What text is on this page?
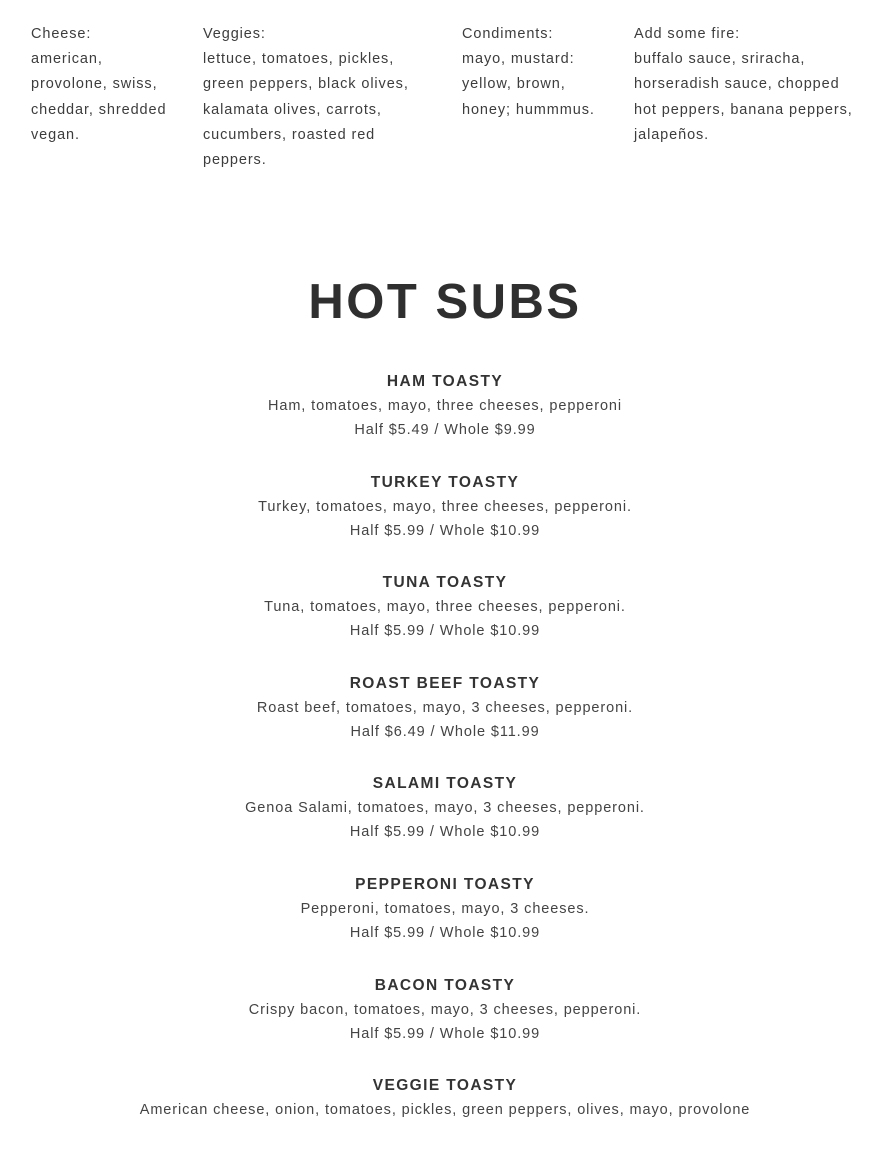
Cheese:
american,
provolone, swiss,
cheddar, shredded
vegan.
Veggies:
lettuce, tomatoes, pickles,
green peppers, black olives,
kalamata olives, carrots,
cucumbers, roasted red
peppers.
Condiments:
mayo, mustard:
yellow, brown,
honey; hummmus.
Add some fire:
buffalo sauce, sriracha,
horseradish sauce, chopped
hot peppers, banana peppers,
jalapeños.
HOT SUBS

HAM TOASTY

Ham, tomatoes, mayo, three cheeses, pepperoni

Half $5.49 / Whole $9.99

TURKEY TOASTY

Turkey, tomatoes, mayo, three cheeses, pepperoni.

Half $5.99 / Whole $10.99

TUNA TOASTY

Tuna, tomatoes, mayo, three cheeses, pepperoni.

Half $5.99 / Whole $10.99

ROAST BEEF TOASTY

Roast beef, tomatoes, mayo, 3 cheeses, pepperoni.

Half $6.49 / Whole $11.99

SALAMI TOASTY

Genoa Salami, tomatoes, mayo, 3 cheeses, pepperoni.

Half $5.99 / Whole $10.99

PEPPERONI TOASTY

Pepperoni, tomatoes, mayo, 3 cheeses.

Half $5.99 / Whole $10.99

BACON TOASTY

Crispy bacon, tomatoes, mayo, 3 cheeses, pepperoni.

Half $5.99 / Whole $10.99

VEGGIE TOASTY

American cheese, onion, tomatoes, pickles, green peppers, olives, mayo, provolone
